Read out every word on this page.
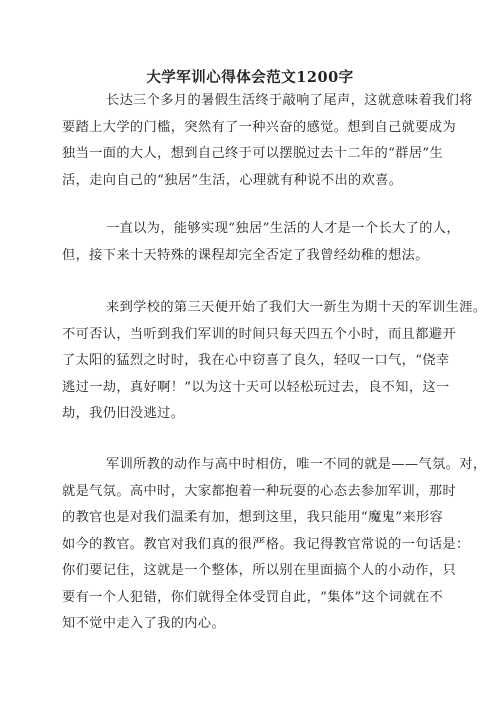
大学军训心得体会范文1200字
长达三个多月的暑假生活终于敲响了尾声，这就意味着我们将
要踏上大学的门槛，突然有了一种兴奋的感觉。想到自己就要成为
独当一面的大人，想到自己终于可以摆脱过去十二年的“群居”生
活，走向自己的“独居”生活，心理就有种说不出的欢喜。
一直以为，能够实现“独居”生活的人才是一个长大了的人，
但，接下来十天特殊的课程却完全否定了我曾经幼稚的想法。
来到学校的第三天便开始了我们大一新生为期十天的军训生涯。
不可否认，当听到我们军训的时间只每天四五个小时，而且都避开
了太阳的猛烈之时时，我在心中窃喜了良久，轻叹一口气，“侥幸
逃过一劫，真好啊！”以为这十天可以轻松玩过去，良不知，这一
劫，我仍旧没逃过。
军训所教的动作与高中时相仿，唯一不同的就是——气氛。对，
就是气氛。高中时，大家都抱着一种玩耍的心态去参加军训，那时
的教官也是对我们温柔有加，想到这里，我只能用“魔鬼”来形容
如今的教官。教官对我们真的很严格。我记得教官常说的一句话是：
你们要记住，这就是一个整体，所以别在里面搞个人的小动作，只
要有一个人犯错，你们就得全体受罚自此，“集体”这个词就在不
知不觉中走入了我的内心。
